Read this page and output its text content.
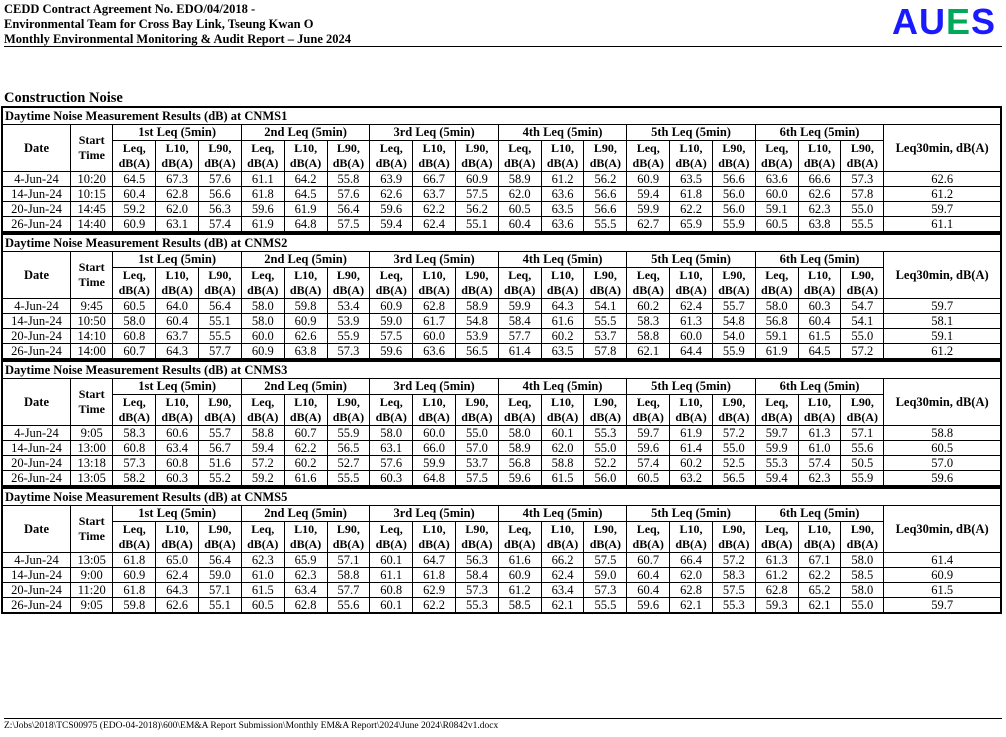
CEDD Contract Agreement No. EDO/04/2018 -
Environmental Team for Cross Bay Link, Tseung Kwan O
Monthly Environmental Monitoring & Audit Report – June 2024	AUES
Construction Noise
Daytime Noise Measurement Results (dB) at CNMS1																				
Date	Start Time	1st Leq (5min)			2nd Leq (5min)			3rd Leq (5min)			4th Leq (5min)			5th Leq (5min)			6th Leq (5min)			Leq30min, dB(A)
		Leq, dB(A)	L10, dB(A)	L90, dB(A)	Leq, dB(A)	L10, dB(A)	L90, dB(A)	Leq, dB(A)	L10, dB(A)	L90, dB(A)	Leq, dB(A)	L10, dB(A)	L90, dB(A)	Leq, dB(A)	L10, dB(A)	L90, dB(A)	Leq, dB(A)	L10, dB(A)	L90, dB(A)	
4-Jun-24	10:20	64.5	67.3	57.6	61.1	64.2	55.8	63.9	66.7	60.9	58.9	61.2	56.2	60.9	63.5	56.6	63.6	66.6	57.3	62.6
14-Jun-24	10:15	60.4	62.8	56.6	61.8	64.5	57.6	62.6	63.7	57.5	62.0	63.6	56.6	59.4	61.8	56.0	60.0	62.6	57.8	61.2
20-Jun-24	14:45	59.2	62.0	56.3	59.6	61.9	56.4	59.6	62.2	56.2	60.5	63.5	56.6	59.9	62.2	56.0	59.1	62.3	55.0	59.7
26-Jun-24	14:40	60.9	63.1	57.4	61.9	64.8	57.5	59.4	62.4	55.1	60.4	63.6	55.5	62.7	65.9	55.9	60.5	63.8	55.5	61.1
Daytime Noise Measurement Results (dB) at CNMS2																				
Date	Start Time	1st Leq (5min)			2nd Leq (5min)			3rd Leq (5min)			4th Leq (5min)			5th Leq (5min)			6th Leq (5min)			Leq30min, dB(A)
		Leq, dB(A)	L10, dB(A)	L90, dB(A)	Leq, dB(A)	L10, dB(A)	L90, dB(A)	Leq, dB(A)	L10, dB(A)	L90, dB(A)	Leq, dB(A)	L10, dB(A)	L90, dB(A)	Leq, dB(A)	L10, dB(A)	L90, dB(A)	Leq, dB(A)	L10, dB(A)	L90, dB(A)	
4-Jun-24	9:45	60.5	64.0	56.4	58.0	59.8	53.4	60.9	62.8	58.9	59.9	64.3	54.1	60.2	62.4	55.7	58.0	60.3	54.7	59.7
14-Jun-24	10:50	58.0	60.4	55.1	58.0	60.9	53.9	59.0	61.7	54.8	58.4	61.6	55.5	58.3	61.3	54.8	56.8	60.4	54.1	58.1
20-Jun-24	14:10	60.8	63.7	55.5	60.0	62.6	55.9	57.5	60.0	53.9	57.7	60.2	53.7	58.8	60.0	54.0	59.1	61.5	55.0	59.1
26-Jun-24	14:00	60.7	64.3	57.7	60.9	63.8	57.3	59.6	63.6	56.5	61.4	63.5	57.8	62.1	64.4	55.9	61.9	64.5	57.2	61.2
Daytime Noise Measurement Results (dB) at CNMS3																				
Date	Start Time	1st Leq (5min)			2nd Leq (5min)			3rd Leq (5min)			4th Leq (5min)			5th Leq (5min)			6th Leq (5min)			Leq30min, dB(A)
		Leq, dB(A)	L10, dB(A)	L90, dB(A)	Leq, dB(A)	L10, dB(A)	L90, dB(A)	Leq, dB(A)	L10, dB(A)	L90, dB(A)	Leq, dB(A)	L10, dB(A)	L90, dB(A)	Leq, dB(A)	L10, dB(A)	L90, dB(A)	Leq, dB(A)	L10, dB(A)	L90, dB(A)	
4-Jun-24	9:05	58.3	60.6	55.7	58.8	60.7	55.9	58.0	60.0	55.0	58.0	60.1	55.3	59.7	61.9	57.2	59.7	61.3	57.1	58.8
14-Jun-24	13:00	60.8	63.4	56.7	59.4	62.2	56.5	63.1	66.0	57.0	58.9	62.0	55.0	59.6	61.4	55.0	59.9	61.0	55.6	60.5
20-Jun-24	13:18	57.3	60.8	51.6	57.2	60.2	52.7	57.6	59.9	53.7	56.8	58.8	52.2	57.4	60.2	52.5	55.3	57.4	50.5	57.0
26-Jun-24	13:05	58.2	60.3	55.2	59.2	61.6	55.5	60.3	64.8	57.5	59.6	61.5	56.0	60.5	63.2	56.5	59.4	62.3	55.9	59.6
Daytime Noise Measurement Results (dB) at CNMS5																				
Date	Start Time	1st Leq (5min)			2nd Leq (5min)			3rd Leq (5min)			4th Leq (5min)			5th Leq (5min)			6th Leq (5min)			Leq30min, dB(A)
		Leq, dB(A)	L10, dB(A)	L90, dB(A)	Leq, dB(A)	L10, dB(A)	L90, dB(A)	Leq, dB(A)	L10, dB(A)	L90, dB(A)	Leq, dB(A)	L10, dB(A)	L90, dB(A)	Leq, dB(A)	L10, dB(A)	L90, dB(A)	Leq, dB(A)	L10, dB(A)	L90, dB(A)	
4-Jun-24	13:05	61.8	65.0	56.4	62.3	65.9	57.1	60.1	64.7	56.3	61.6	66.2	57.5	60.7	66.4	57.2	61.3	67.1	58.0	61.4
14-Jun-24	9:00	60.9	62.4	59.0	61.0	62.3	58.8	61.1	61.8	58.4	60.9	62.4	59.0	60.4	62.0	58.3	61.2	62.2	58.5	60.9
20-Jun-24	11:20	61.8	64.3	57.1	61.5	63.4	57.7	60.8	62.9	57.3	61.2	63.4	57.3	60.4	62.8	57.5	62.8	65.2	58.0	61.5
26-Jun-24	9:05	59.8	62.6	55.1	60.5	62.8	55.6	60.1	62.2	55.3	58.5	62.1	55.5	59.6	62.1	55.3	59.3	62.1	55.0	59.7
Z:\Jobs\2018\TCS00975 (EDO-04-2018)\600\EM&A Report Submission\Monthly EM&A Report\2024\June 2024\R0842v1.docx
